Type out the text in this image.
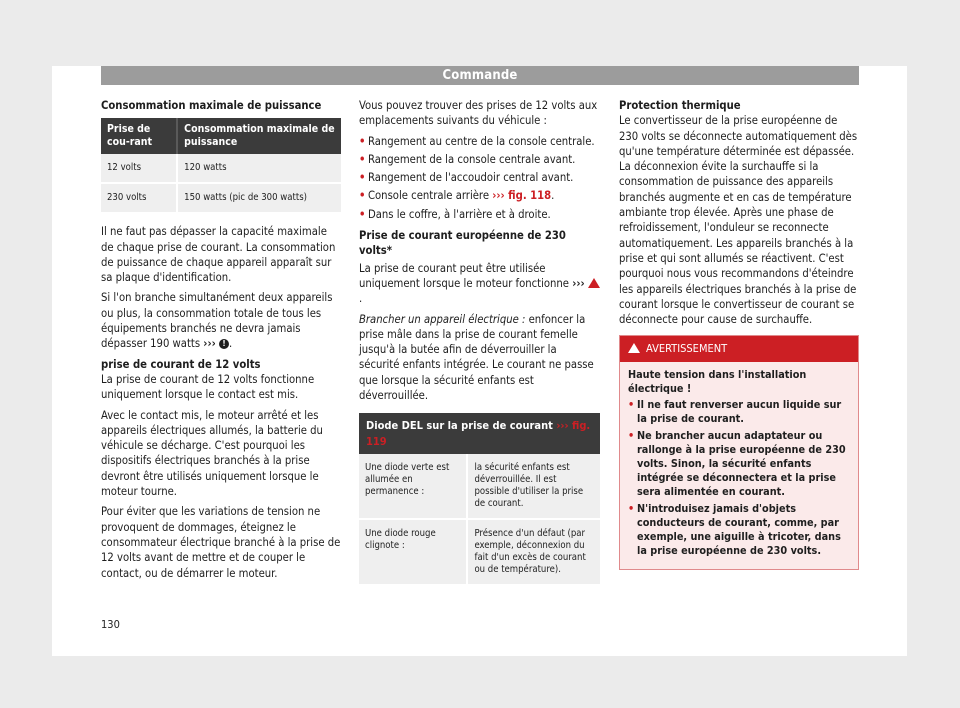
Commande

Consommation maximale de puissance

Prise de cou-rant	Consommation maximale de puissance
12 volts	120 watts
230 volts	150 watts (pic de 300 watts)

Il ne faut pas dépasser la capacité maximale de chaque prise de courant. La consommation de puissance de chaque appareil apparaît sur sa plaque d'identification.

Si l'on branche simultanément deux appareils ou plus, la consommation totale de tous les équipements branchés ne devra jamais dépasser 190 watts ››› ! .

prise de courant de 12 volts

La prise de courant de 12 volts fonctionne uniquement lorsque le contact est mis.

Avec le contact mis, le moteur arrêté et les appareils électriques allumés, la batterie du véhicule se décharge. C'est pourquoi les dispositifs électriques branchés à la prise devront être utilisés uniquement lorsque le moteur tourne.

Pour éviter que les variations de tension ne provoquent de dommages, éteignez le consommateur électrique branché à la prise de 12 volts avant de mettre et de couper le contact, ou de démarrer le moteur.

Vous pouvez trouver des prises de 12 volts aux emplacements suivants du véhicule :

• Rangement au centre de la console centrale.
• Rangement de la console centrale avant.
• Rangement de l'accoudoir central avant.
• Console centrale arrière ››› fig. 118.
• Dans le coffre, à l'arrière et à droite.

Prise de courant européenne de 230 volts*

La prise de courant peut être utilisée uniquement lorsque le moteur fonctionne ››› .

Brancher un appareil électrique : enfoncer la prise mâle dans la prise de courant femelle jusqu'à la butée afin de déverrouiller la sécurité enfants intégrée. Le courant ne passe que lorsque la sécurité enfants est déverrouillée.

Diode DEL sur la prise de courant ››› fig. 119
Une diode verte est allumée en permanence :	la sécurité enfants est déverrouillée. Il est possible d'utiliser la prise de courant.
Une diode rouge clignote :	Présence d'un défaut (par exemple, déconnexion du fait d'un excès de courant ou de température).

Protection thermique

Le convertisseur de la prise européenne de 230 volts se déconnecte automatiquement dès qu'une température déterminée est dépassée. La déconnexion évite la surchauffe si la consommation de puissance des appareils branchés augmente et en cas de température ambiante trop élevée. Après une phase de refroidissement, l'onduleur se reconnecte automatiquement. Les appareils branchés à la prise et qui sont allumés se réactivent. C'est pourquoi nous vous recommandons d'éteindre les appareils électriques branchés à la prise de courant lorsque le convertisseur de courant se déconnecte pour cause de surchauffe.

AVERTISSEMENT
Haute tension dans l'installation électrique !
• Il ne faut renverser aucun liquide sur la prise de courant.
• Ne brancher aucun adaptateur ou rallonge à la prise européenne de 230 volts. Sinon, la sécurité enfants intégrée se déconnectera et la prise sera alimentée en courant.
• N'introduisez jamais d'objets conducteurs de courant, comme, par exemple, une aiguille à tricoter, dans la prise européenne de 230 volts.
130
